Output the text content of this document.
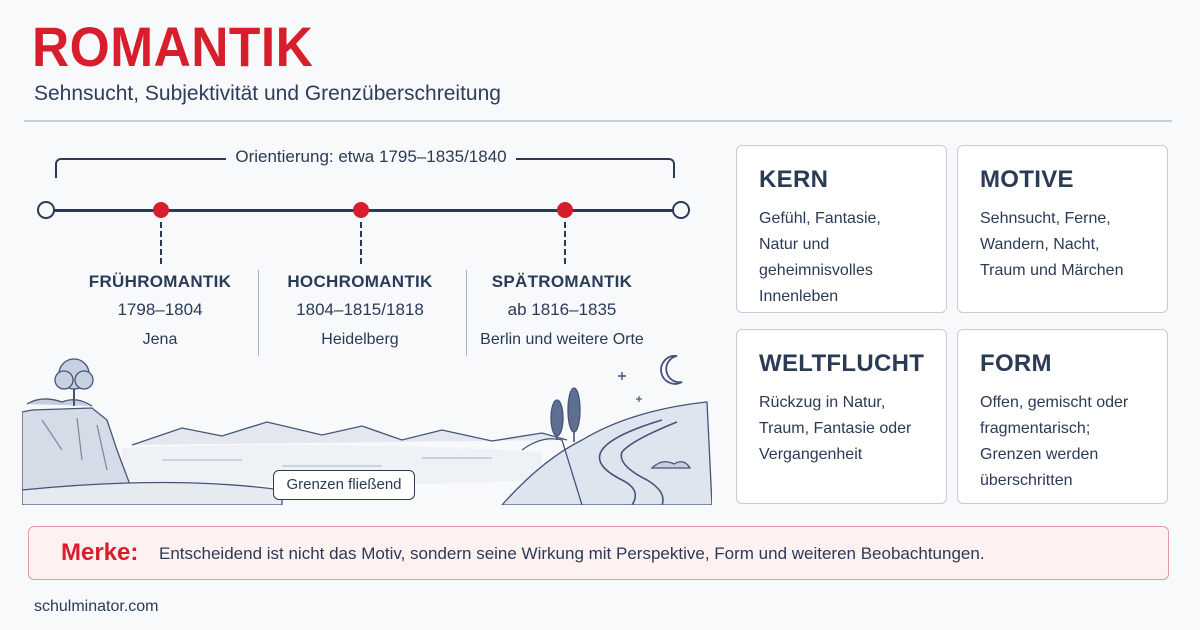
ROMANTIK
Sehnsucht, Subjektivität und Grenzüberschreitung
Orientierung: etwa 1795–1835/1840
FRÜHROMANTIK
1798–1804
Jena
HOCHROMANTIK
1804–1815/1818
Heidelberg
SPÄTROMANTIK
ab 1816–1835
Berlin und weitere Orte
Grenzen fließend
KERN
Gefühl, Fantasie, Natur und geheimnisvolles Innenleben
MOTIVE
Sehnsucht, Ferne, Wandern, Nacht, Traum und Märchen
WELTFLUCHT
Rückzug in Natur, Traum, Fantasie oder Vergangenheit
FORM
Offen, gemischt oder fragmentarisch; Grenzen werden überschritten
Merke: Entscheidend ist nicht das Motiv, sondern seine Wirkung mit Perspektive, Form und weiteren Beobachtungen.
schulminator.com
